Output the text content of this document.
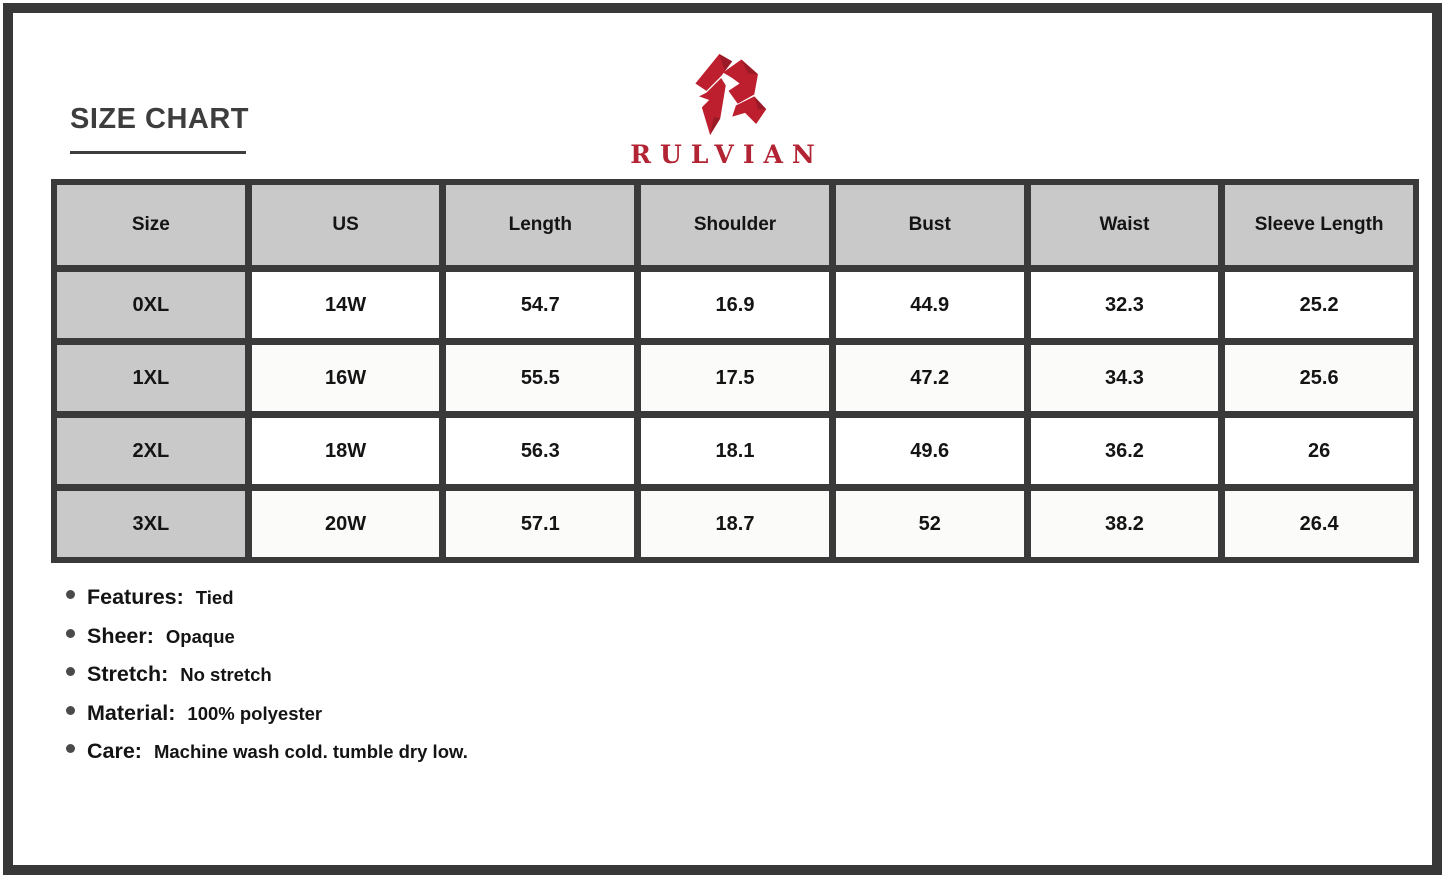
SIZE CHART
RULVIAN
Size	US	Length	Shoulder	Bust	Waist	Sleeve Length
0XL	14W	54.7	16.9	44.9	32.3	25.2
1XL	16W	55.5	17.5	47.2	34.3	25.6
2XL	18W	56.3	18.1	49.6	36.2	26
3XL	20W	57.1	18.7	52	38.2	26.4
Features: Tied
Sheer: Opaque
Stretch: No stretch
Material: 100% polyester
Care: Machine wash cold. tumble dry low.
